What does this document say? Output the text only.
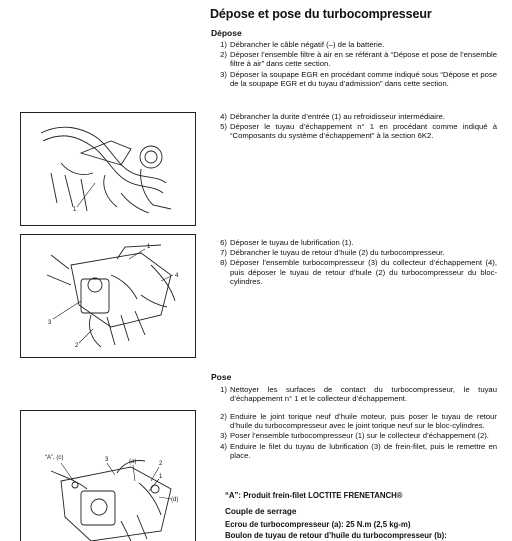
Dépose et pose du turbocompresseur
Dépose
1) Débrancher le câble négatif (–) de la batterie.
2) Déposer l’ensemble filtre à air en se référant à “Dépose et pose de l’ensemble filtre à air” dans cette section.
3) Déposer la soupape EGR en procédant comme indiqué sous “Dépose et pose de la soupape EGR et du tuyau d’admission” dans cette section.
4) Débrancher la durite d’entrée (1) au refroidisseur intermédiaire.
5) Déposer le tuyau d’échappement n° 1 en procédant comme indiqué à “Composants du système d’échappement” à la section 6K2.
6) Déposer le tuyau de lubrification (1).
7) Débrancher le tuyau de retour d’huile (2) du turbocompresseur.
8) Déposer l’ensemble turbocompresseur (3) du collecteur d’échappement (4), puis déposer le tuyau de retour d’huile (2) du turbocompresseur du bloc-cylindres.
Pose
1) Nettoyer les surfaces de contact du turbocompresseur, le tuyau d’échappement n° 1 et le collecteur d’échappement.
2) Enduire le joint torique neuf d’huile moteur, puis poser le tuyau de retour d’huile du turbocompresseur avec le joint torique neuf sur le bloc-cylindres.
3) Poser l’ensemble turbocompresseur (1) sur le collecteur d’échappement (2).
4) Enduire le filet du tuyau de lubrification (3) de frein-filet, puis le remettre en place.
“A”: Produit frein-filet LOCTITE FRENETANCH®
Couple de serrage
Ecrou de turbocompresseur (a): 25 N.m (2,5 kg-m)
Boulon de tuyau de retour d’huile du turbocompresseur (b):
1
1
2
3
4
“A”, (c)	3	(a)	2
1
(d)
